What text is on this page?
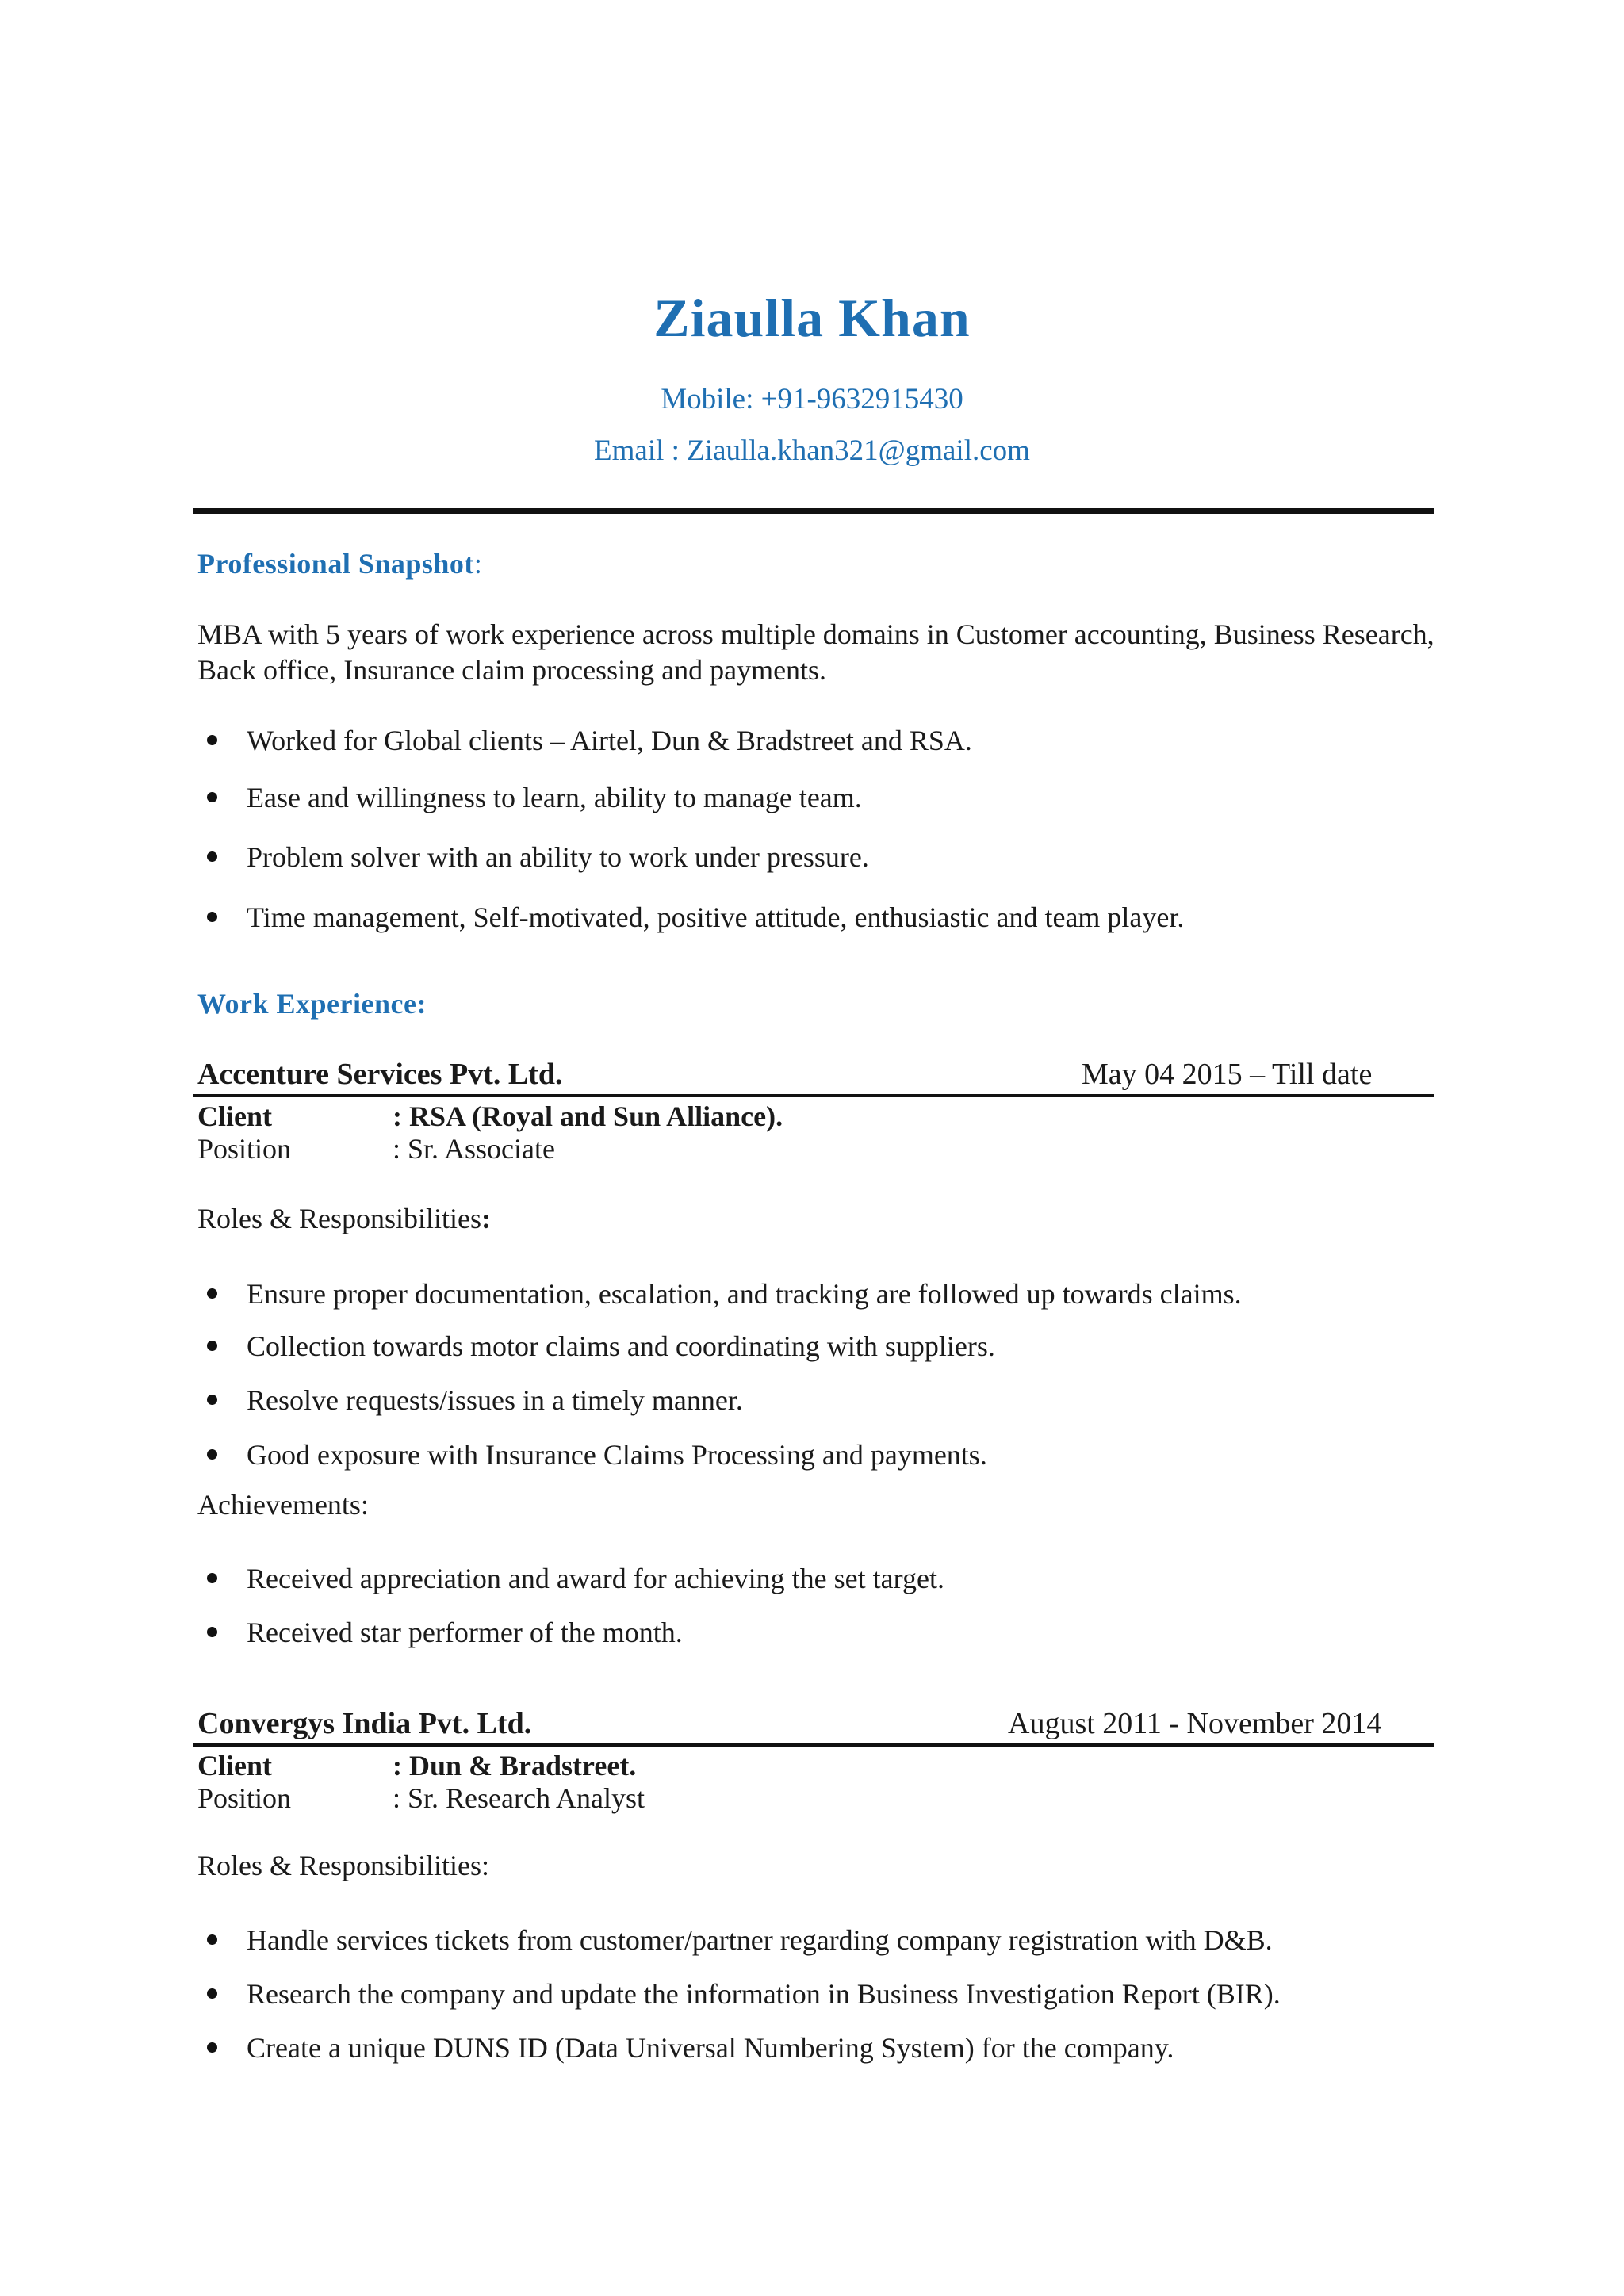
Ziaulla Khan
Mobile: +91-9632915430
Email : Ziaulla.khan321@gmail.com
Professional Snapshot:
MBA with 5 years of work experience across multiple domains in Customer accounting, Business Research, Back office, Insurance claim processing and payments.
Worked for Global clients – Airtel, Dun & Bradstreet and RSA.
Ease and willingness to learn, ability to manage team.
Problem solver with an ability to work under pressure.
Time management, Self-motivated, positive attitude, enthusiastic and team player.
Work Experience:
Accenture Services Pvt. Ltd.	May 04 2015 – Till date
Client	: RSA (Royal and Sun Alliance).
Position	: Sr. Associate
Roles & Responsibilities:
Ensure proper documentation, escalation, and tracking are followed up towards claims.
Collection towards motor claims and coordinating with suppliers.
Resolve requests/issues in a timely manner.
Good exposure with Insurance Claims Processing and payments.
Achievements:
Received appreciation and award for achieving the set target.
Received star performer of the month.
Convergys India Pvt. Ltd.	August 2011 - November 2014
Client	: Dun & Bradstreet.
Position	: Sr. Research Analyst
Roles & Responsibilities:
Handle services tickets from customer/partner regarding company registration with D&B.
Research the company and update the information in Business Investigation Report (BIR).
Create a unique DUNS ID (Data Universal Numbering System) for the company.
